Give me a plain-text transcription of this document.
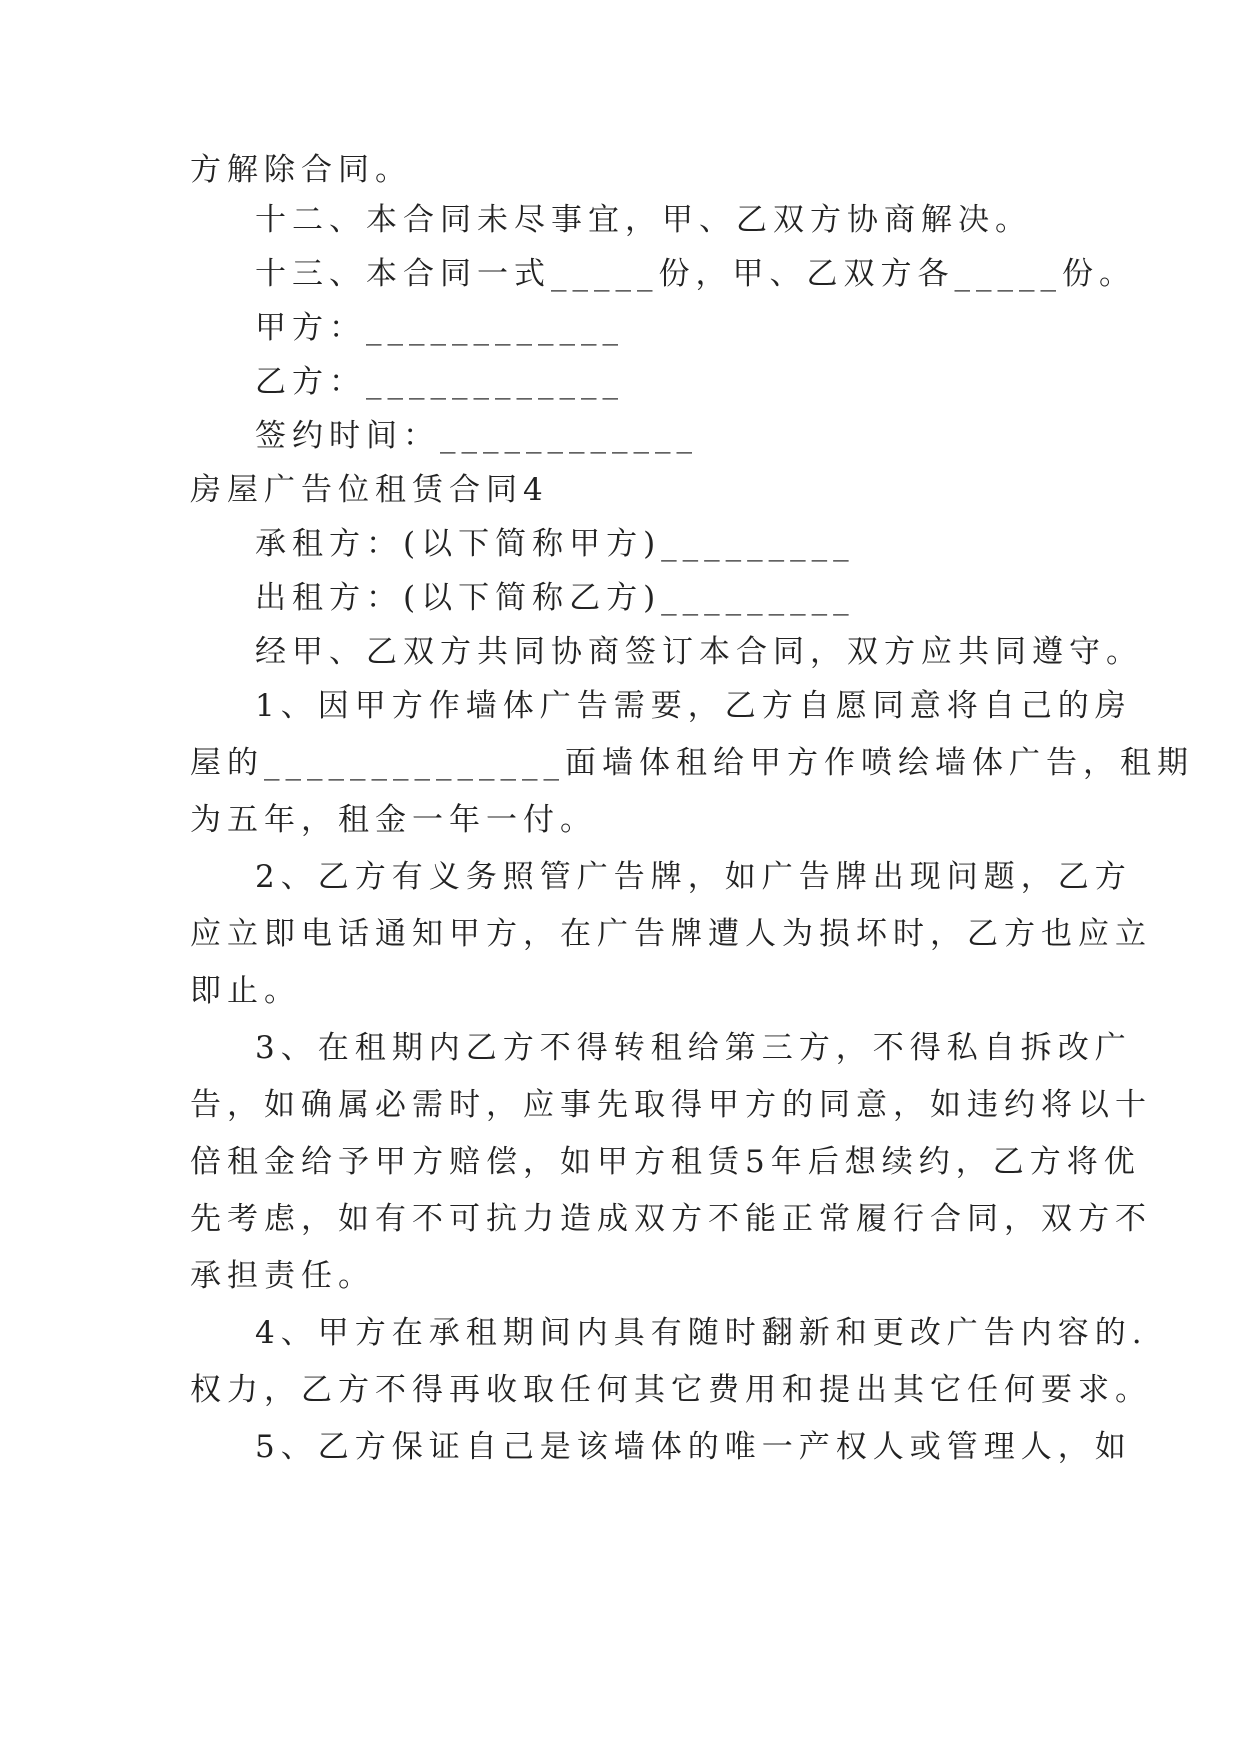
方解除合同。
十二、本合同未尽事宜，甲、乙双方协商解决。
十三、本合同一式_____份，甲、乙双方各_____份。
甲方：____________
乙方：____________
签约时间：____________
房屋广告位租赁合同4
承租方：(以下简称甲方)_________
出租方：(以下简称乙方)_________
经甲、乙双方共同协商签订本合同，双方应共同遵守。
1、因甲方作墙体广告需要，乙方自愿同意将自己的房
屋的______________面墙体租给甲方作喷绘墙体广告，租期
为五年，租金一年一付。
2、乙方有义务照管广告牌，如广告牌出现问题，乙方
应立即电话通知甲方，在广告牌遭人为损坏时，乙方也应立
即止。
3、在租期内乙方不得转租给第三方，不得私自拆改广
告，如确属必需时，应事先取得甲方的同意，如违约将以十
倍租金给予甲方赔偿，如甲方租赁5年后想续约，乙方将优
先考虑，如有不可抗力造成双方不能正常履行合同，双方不
承担责任。
4、甲方在承租期间内具有随时翻新和更改广告内容的.
权力，乙方不得再收取任何其它费用和提出其它任何要求。
5、乙方保证自己是该墙体的唯一产权人或管理人，如
